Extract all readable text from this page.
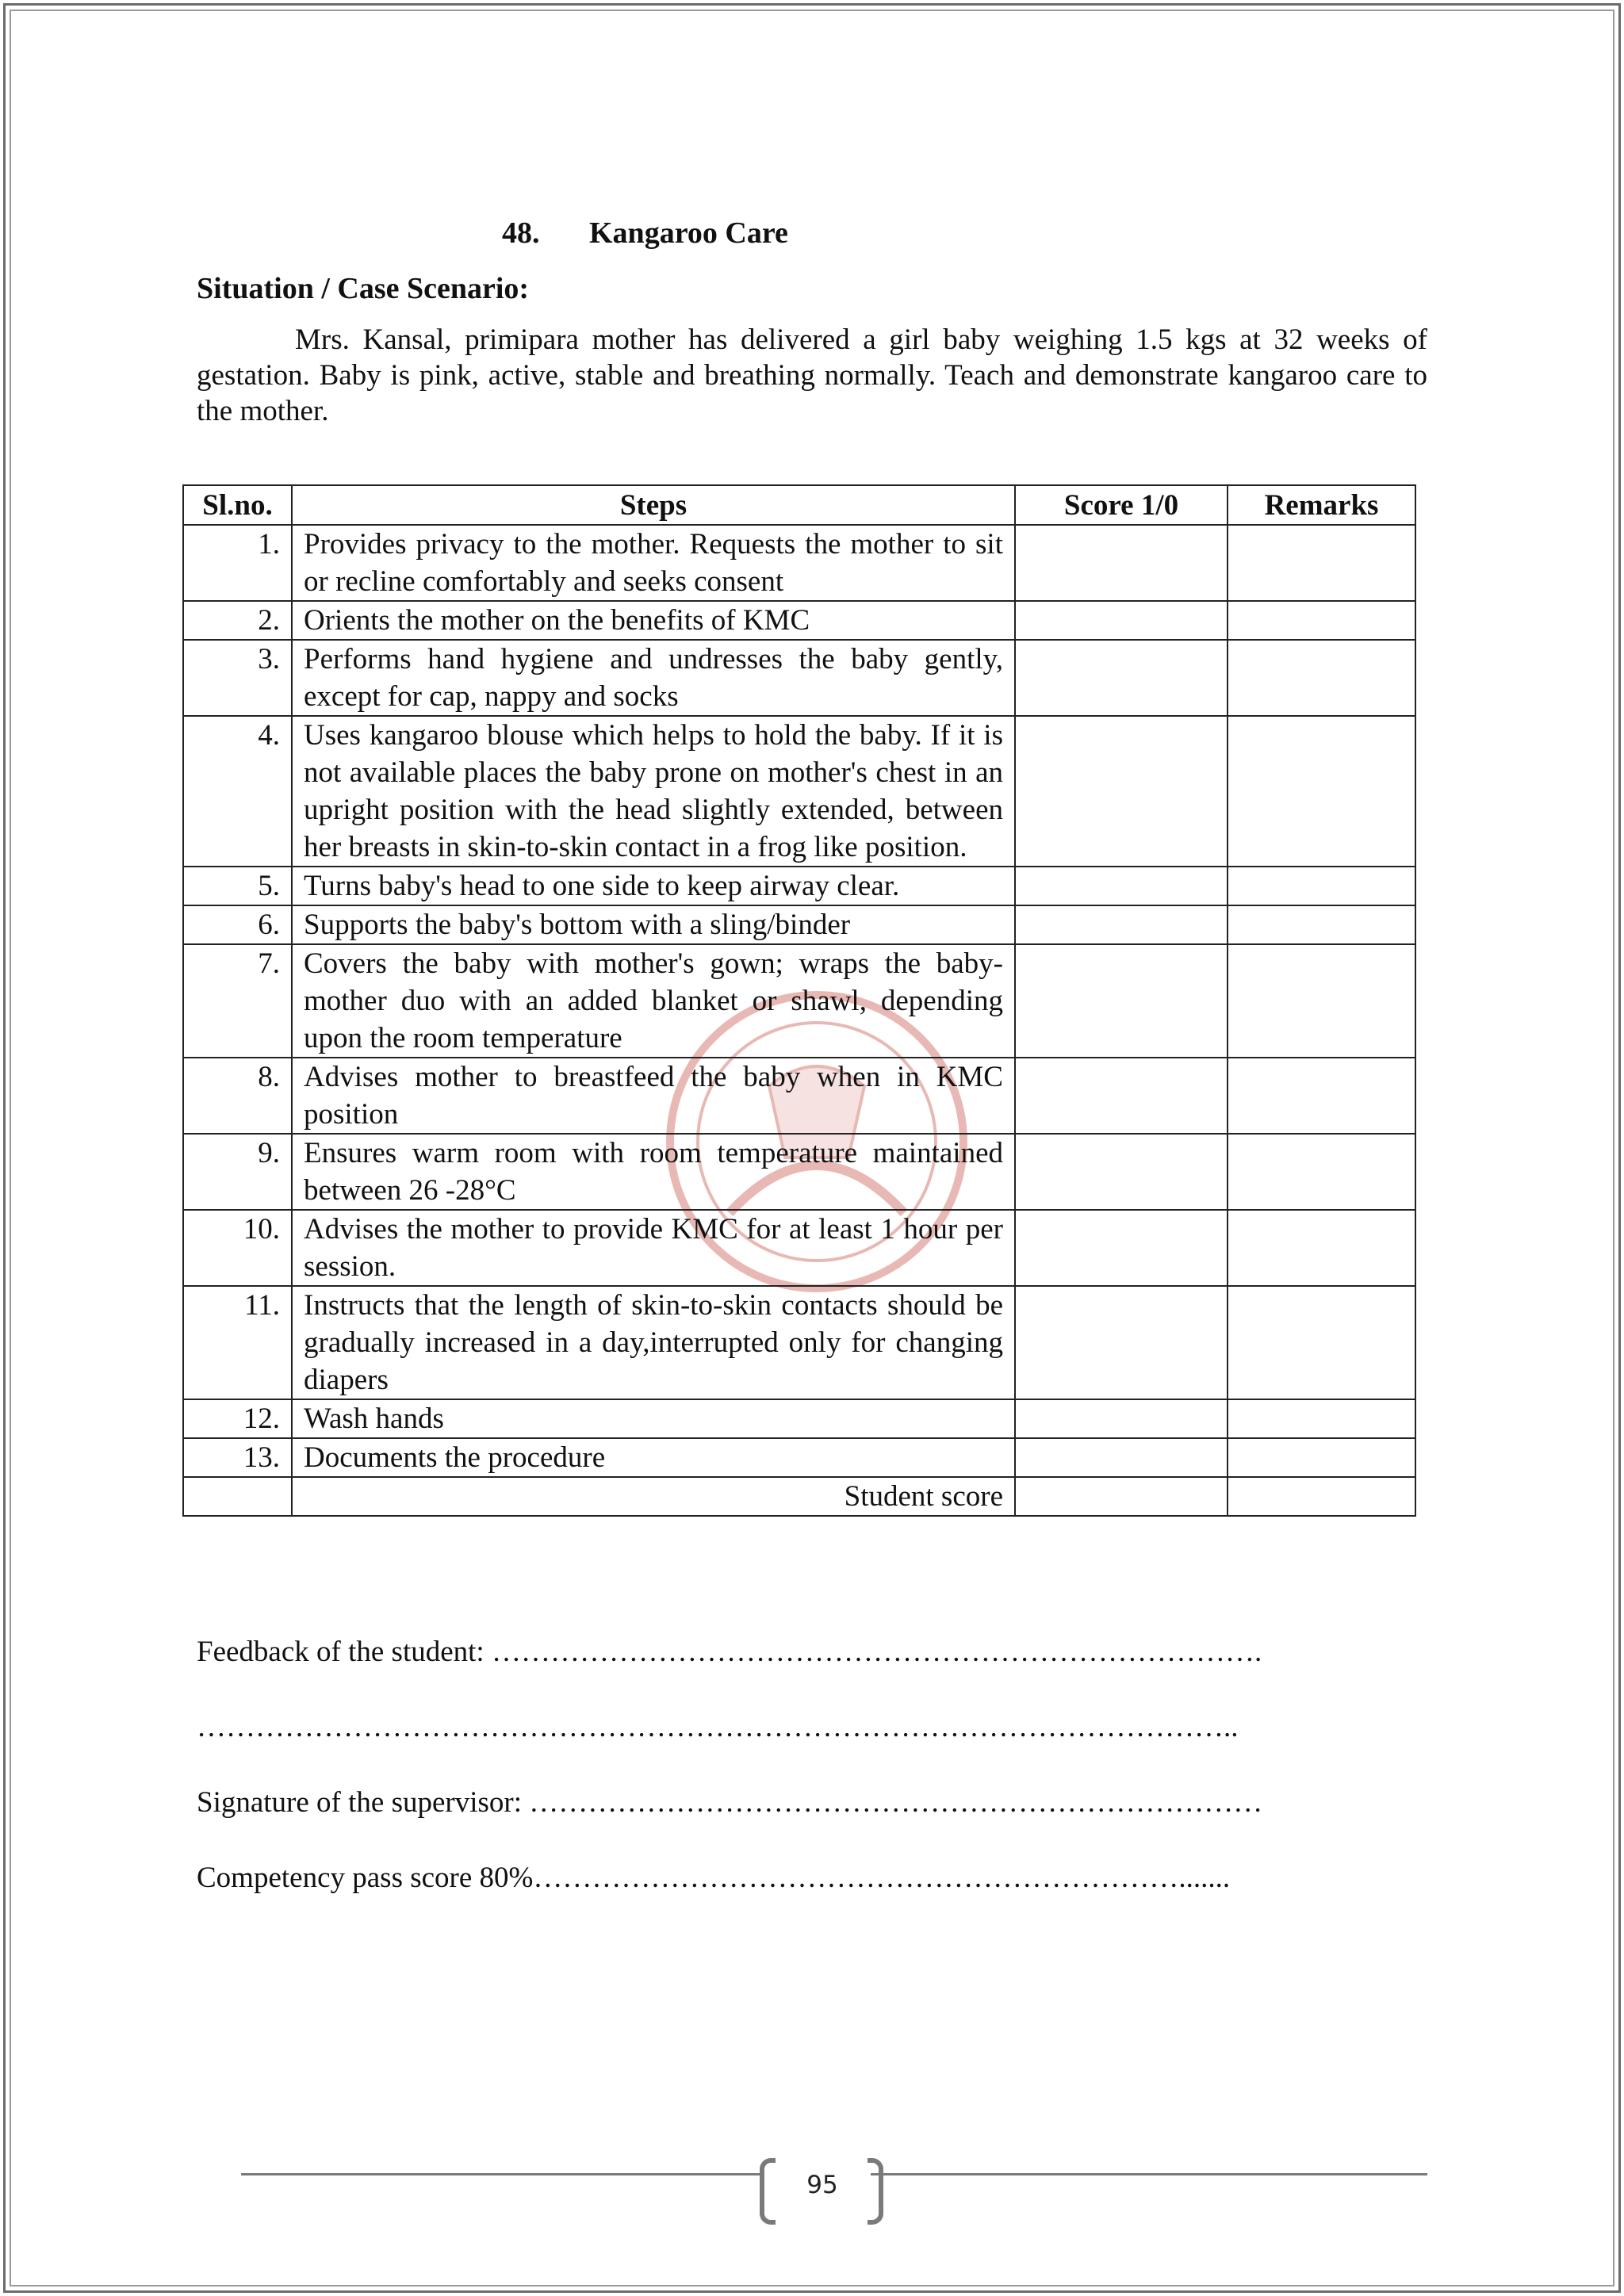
48. Kangaroo Care
Situation / Case Scenario:
Mrs. Kansal, primipara mother has delivered a girl baby weighing 1.5 kgs at 32 weeks of gestation. Baby is pink, active, stable and breathing normally. Teach and demonstrate kangaroo care to the mother.
Sl.no.	Steps	Score 1/0	Remarks
1.	Provides privacy to the mother. Requests the mother to sit or recline comfortably and seeks consent		
2.	Orients the mother on the benefits of KMC		
3.	Performs hand hygiene and undresses the baby gently, except for cap, nappy and socks		
4.	Uses kangaroo blouse which helps to hold the baby. If it is not available places the baby prone on mother's chest in an upright position with the head slightly extended, between her breasts in skin-to-skin contact in a frog like position.		
5.	Turns baby's head to one side to keep airway clear.		
6.	Supports the baby's bottom with a sling/binder		
7.	Covers the baby with mother's gown; wraps the baby-mother duo with an added blanket or shawl, depending upon the room temperature		
8.	Advises mother to breastfeed the baby when in KMC position		
9.	Ensures warm room with room temperature maintained between 26 -28°C		
10.	Advises the mother to provide KMC for at least 1 hour per session.		
11.	Instructs that the length of skin-to-skin contacts should be gradually increased in a day,interrupted only for changing diapers		
12.	Wash hands		
13.	Documents the procedure		
	Student score		
Feedback of the student: …………………………………………………………………….
……………………………………………………………………………………………..
Signature of the supervisor: …………………………………………………………………
Competency pass score 80%………………………………………………………….......
95
